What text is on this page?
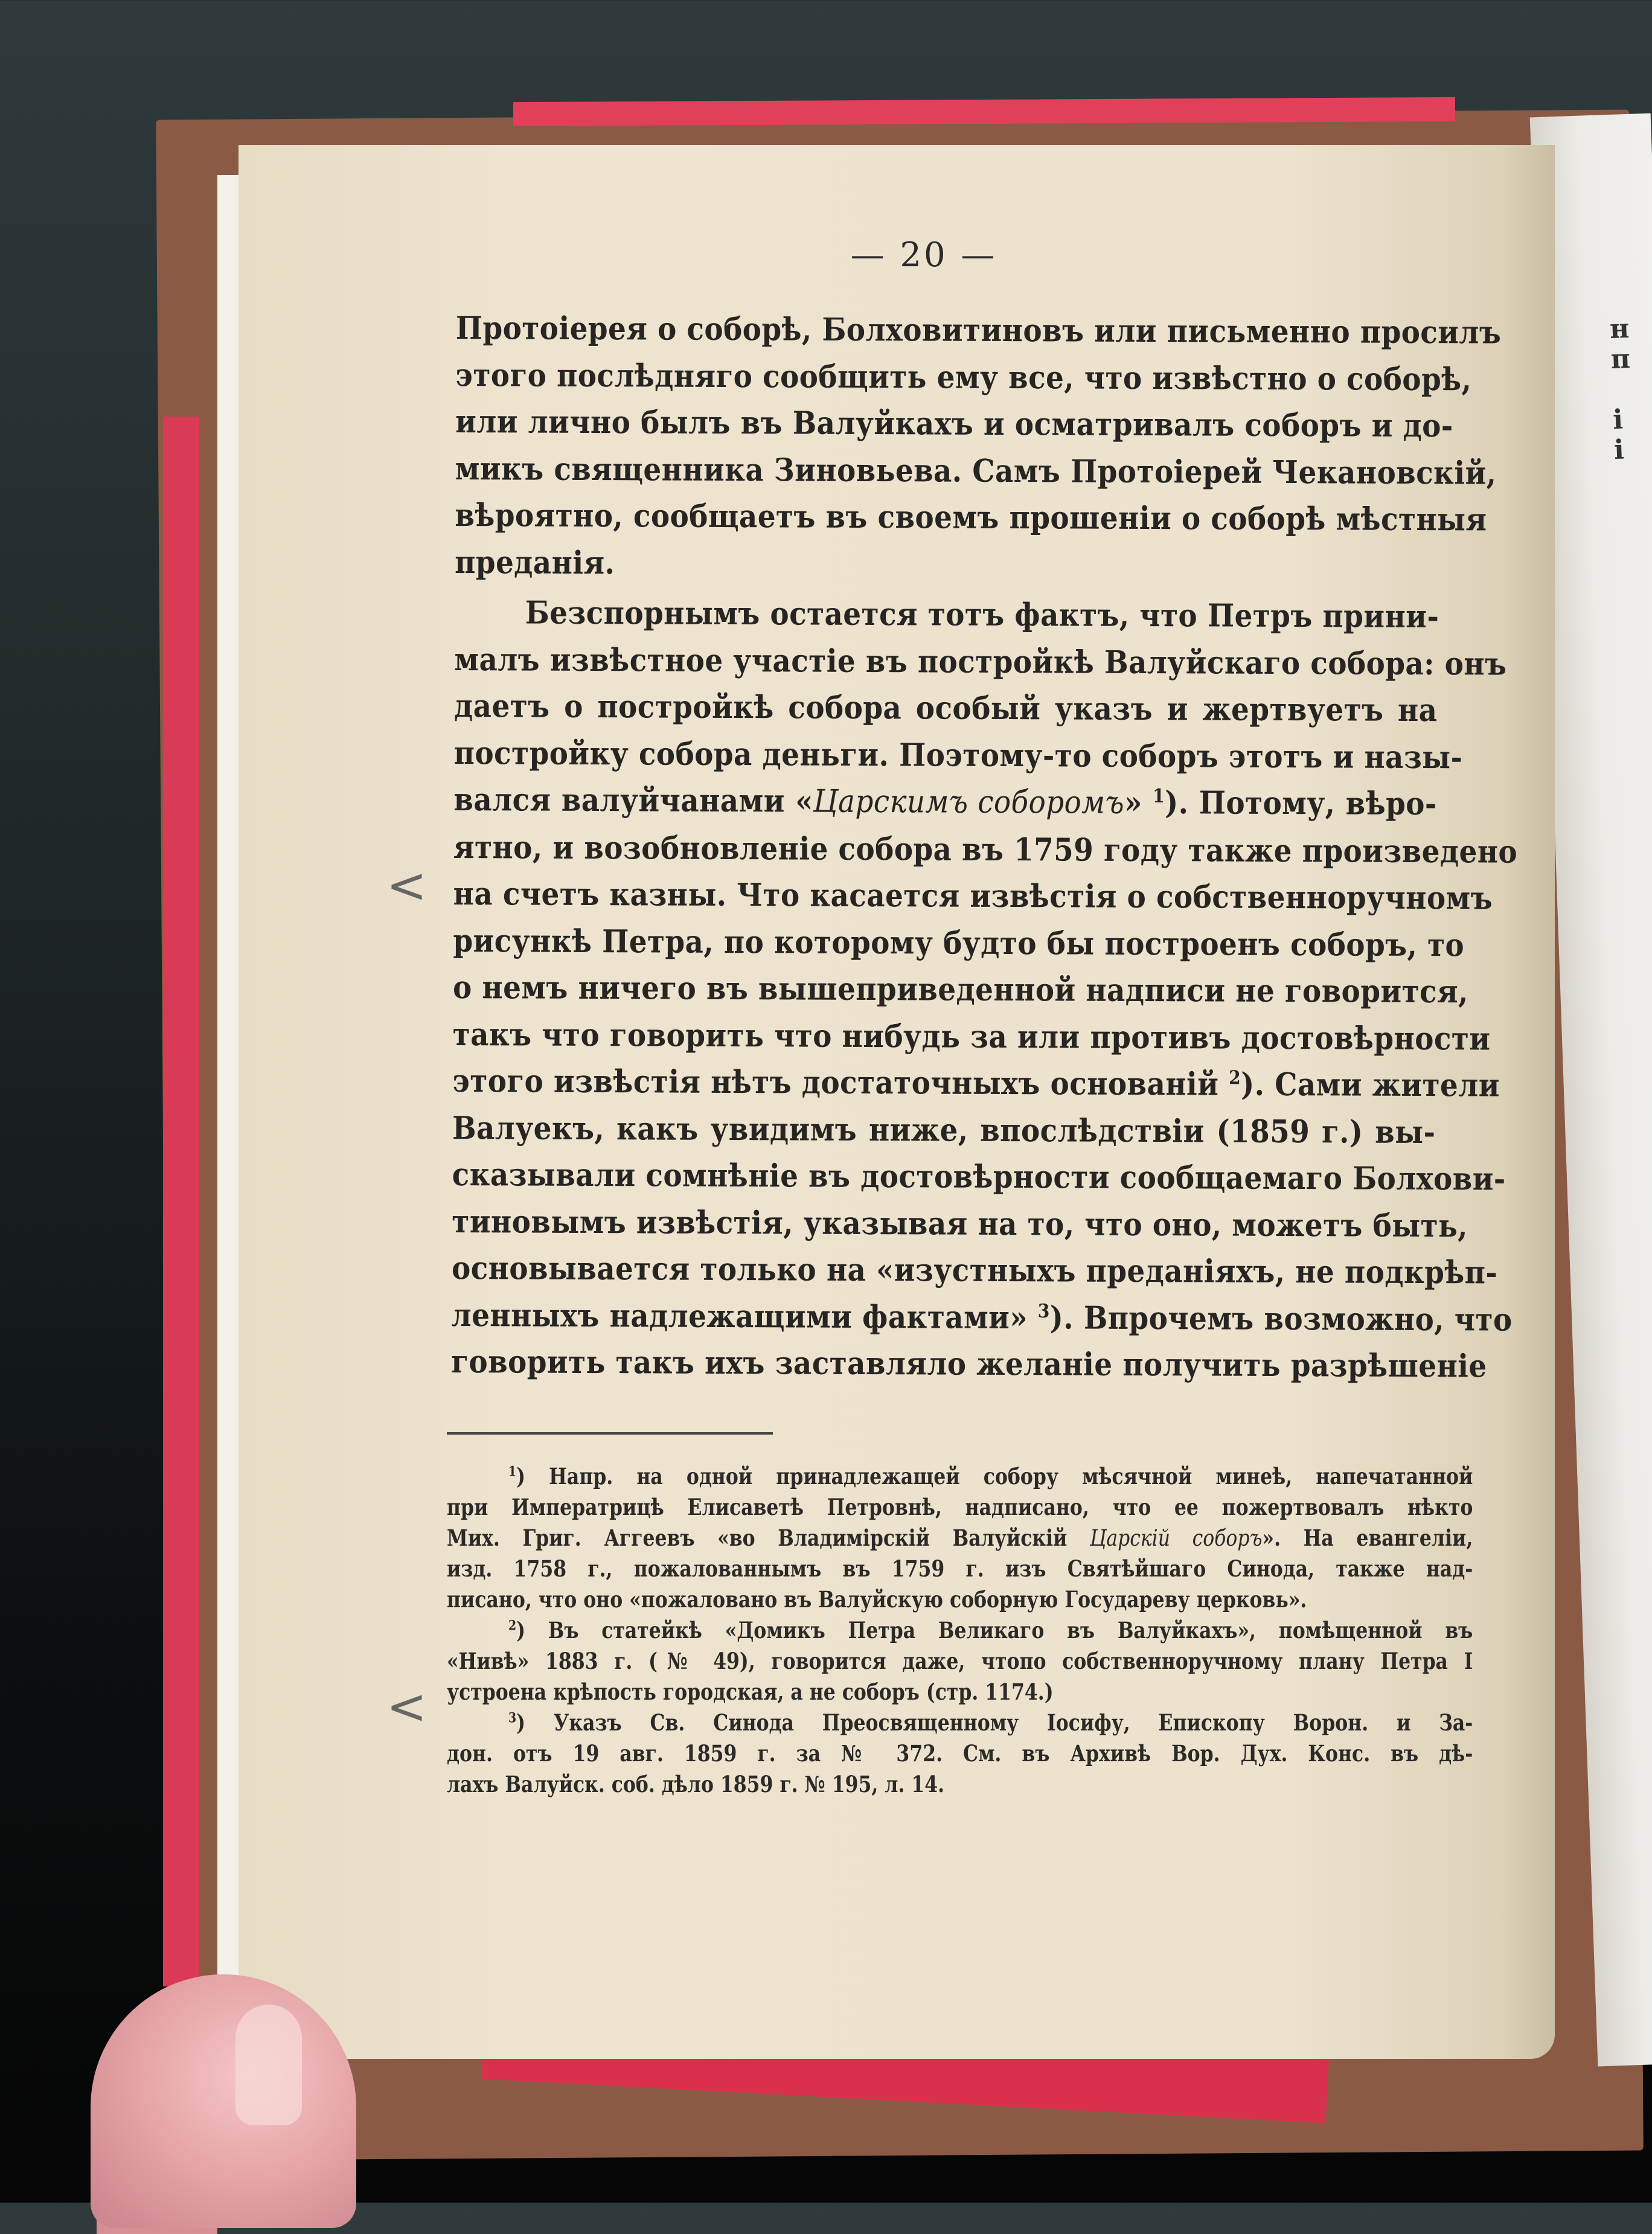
н
п
і
і
— 20 —
Протоіерея о соборѣ, Болховитиновъ или письменно просилъ
этого послѣдняго сообщить ему все, что извѣстно о соборѣ,
или лично былъ въ Валуйкахъ и осматривалъ соборъ и до-
микъ священника Зиновьева. Самъ Протоіерей Чекановскій,
вѣроятно, сообщаетъ въ своемъ прошеніи о соборѣ мѣстныя
преданія.
Безспорнымъ остается тотъ фактъ, что Петръ прини-
малъ извѣстное участіе въ постройкѣ Валуйскаго собора: онъ
даетъ о постройкѣ собора особый указъ и жертвуетъ на
постройку собора деньги. Поэтому-то соборъ этотъ и назы-
вался валуйчанами «Царскимъ соборомъ» $^1$). Потому, вѣро-
ятно, и возобновленіе собора въ 1759 году также произведено
на счетъ казны. Что касается извѣстія о собственноручномъ
рисункѣ Петра, по которому будто бы построенъ соборъ, то
о немъ ничего въ вышеприведенной надписи не говорится,
такъ что говорить что нибудь за или противъ достовѣрности
этого извѣстія нѣтъ достаточныхъ основаній $^2$). Сами жители
Валуекъ, какъ увидимъ ниже, впослѣдствіи (1859 г.) вы-
сказывали сомнѣніе въ достовѣрности сообщаемаго Болхови-
тиновымъ извѣстія, указывая на то, что оно, можетъ быть,
основывается только на «изустныхъ преданіяхъ, не подкрѣп-
ленныхъ надлежащими фактами» $^3$). Впрочемъ возможно, что
говорить такъ ихъ заставляло желаніе получить разрѣшеніе
$^1$) Напр. на одной принадлежащей собору мѣсячной минеѣ, напечатанной
при Императрицѣ Елисаветѣ Петровнѣ, надписано, что ее пожертвовалъ нѣкто
Мих. Григ. Аггеевъ «во Владимірскій Валуйскій Царскій соборъ». На евангеліи,
изд. 1758 г., пожалованнымъ въ 1759 г. изъ Святѣйшаго Синода, также над-
писано, что оно «пожаловано въ Валуйскую соборную Государеву церковь».
$^2$) Въ статейкѣ «Домикъ Петра Великаго въ Валуйкахъ», помѣщенной въ
«Нивѣ» 1883 г. (№ 49), говорится даже, чтопо собственноручному плану Петра I
устроена крѣпость городская, а не соборъ (стр. 1174.)
$^3$) Указъ Св. Синода Преосвященному Іосифу, Епископу Ворон. и За-
дон. отъ 19 авг. 1859 г. за № 372. См. въ Архивѣ Вор. Дух. Конс. въ дѣ-
лахъ Валуйск. соб. дѣло 1859 г. № 195, л. 14.
<
<
